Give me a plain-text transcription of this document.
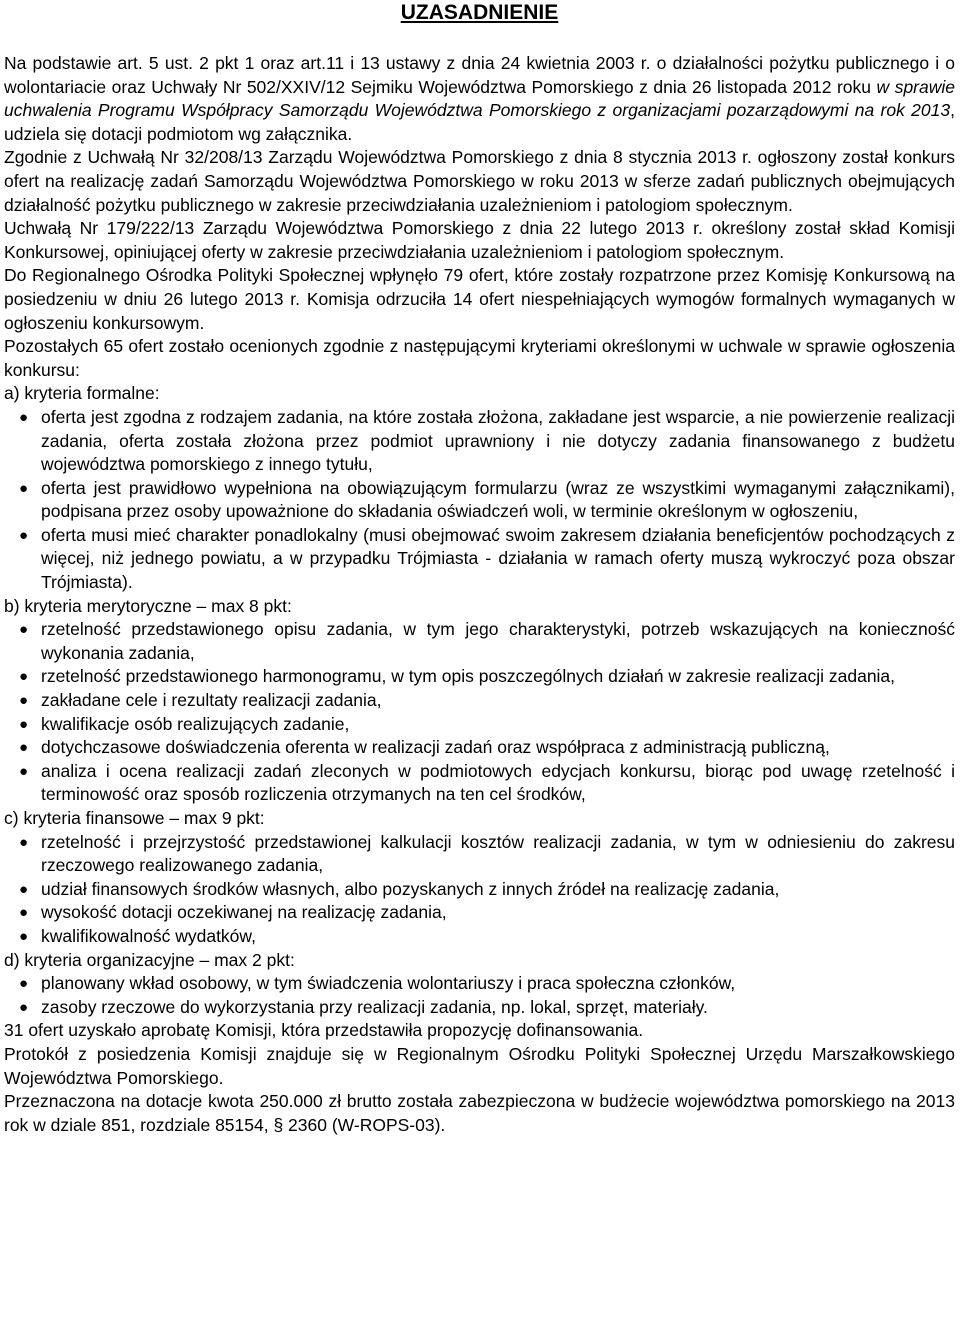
UZASADNIENIE

Na podstawie art. 5 ust. 2 pkt 1 oraz art.11 i 13 ustawy z dnia 24 kwietnia 2003 r. o działalności pożytku publicznego i o wolontariacie oraz Uchwały Nr 502/XXIV/12 Sejmiku Województwa Pomorskiego z dnia 26 listopada 2012 roku w sprawie uchwalenia Programu Współpracy Samorządu Województwa Pomorskiego z organizacjami pozarządowymi na rok 2013, udziela się dotacji podmiotom wg załącznika.

Zgodnie z Uchwałą Nr 32/208/13 Zarządu Województwa Pomorskiego z dnia 8 stycznia 2013 r. ogłoszony został konkurs ofert na realizację zadań Samorządu Województwa Pomorskiego w roku 2013 w sferze zadań publicznych obejmujących działalność pożytku publicznego w zakresie przeciwdziałania uzależnieniom i patologiom społecznym.

Uchwałą Nr 179/222/13 Zarządu Województwa Pomorskiego z dnia 22 lutego 2013 r. określony został skład Komisji Konkursowej, opiniującej oferty w zakresie przeciwdziałania uzależnieniom i patologiom społecznym.

Do Regionalnego Ośrodka Polityki Społecznej wpłynęło 79 ofert, które zostały rozpatrzone przez Komisję Konkursową na posiedzeniu w dniu 26 lutego 2013 r. Komisja odrzuciła 14 ofert niespełniających wymogów formalnych wymaganych w ogłoszeniu konkursowym.

Pozostałych 65 ofert zostało ocenionych zgodnie z następującymi kryteriami określonymi w uchwale w sprawie ogłoszenia konkursu:

a) kryteria formalne:

● oferta jest zgodna z rodzajem zadania, na które została złożona, zakładane jest wsparcie, a nie powierzenie realizacji zadania, oferta została złożona przez podmiot uprawniony i nie dotyczy zadania finansowanego z budżetu województwa pomorskiego z innego tytułu,
● oferta jest prawidłowo wypełniona na obowiązującym formularzu (wraz ze wszystkimi wymaganymi załącznikami), podpisana przez osoby upoważnione do składania oświadczeń woli, w terminie określonym w ogłoszeniu,
● oferta musi mieć charakter ponadlokalny (musi obejmować swoim zakresem działania beneficjentów pochodzących z więcej, niż jednego powiatu, a w przypadku Trójmiasta - działania w ramach oferty muszą wykroczyć poza obszar Trójmiasta).

b) kryteria merytoryczne – max 8 pkt:

● rzetelność przedstawionego opisu zadania, w tym jego charakterystyki, potrzeb wskazujących na konieczność wykonania zadania,
● rzetelność przedstawionego harmonogramu, w tym opis poszczególnych działań w zakresie realizacji zadania,
● zakładane cele i rezultaty realizacji zadania,
● kwalifikacje osób realizujących zadanie,
● dotychczasowe doświadczenia oferenta w realizacji zadań oraz współpraca z administracją publiczną,
● analiza i ocena realizacji zadań zleconych w podmiotowych edycjach konkursu, biorąc pod uwagę rzetelność i terminowość oraz sposób rozliczenia otrzymanych na ten cel środków,

c) kryteria finansowe – max 9 pkt:

● rzetelność i przejrzystość przedstawionej kalkulacji kosztów realizacji zadania, w tym w odniesieniu do zakresu rzeczowego realizowanego zadania,
● udział finansowych środków własnych, albo pozyskanych z innych źródeł na realizację zadania,
● wysokość dotacji oczekiwanej na realizację zadania,
● kwalifikowalność wydatków,

d) kryteria organizacyjne – max 2 pkt:

● planowany wkład osobowy, w tym świadczenia wolontariuszy i praca społeczna członków,
● zasoby rzeczowe do wykorzystania przy realizacji zadania, np. lokal, sprzęt, materiały.

31 ofert uzyskało aprobatę Komisji, która przedstawiła propozycję dofinansowania.

Protokół z posiedzenia Komisji znajduje się w Regionalnym Ośrodku Polityki Społecznej Urzędu Marszałkowskiego Województwa Pomorskiego.

Przeznaczona na dotacje kwota 250.000 zł brutto została zabezpieczona w budżecie województwa pomorskiego na 2013 rok w dziale 851, rozdziale 85154, § 2360 (W-ROPS-03).
